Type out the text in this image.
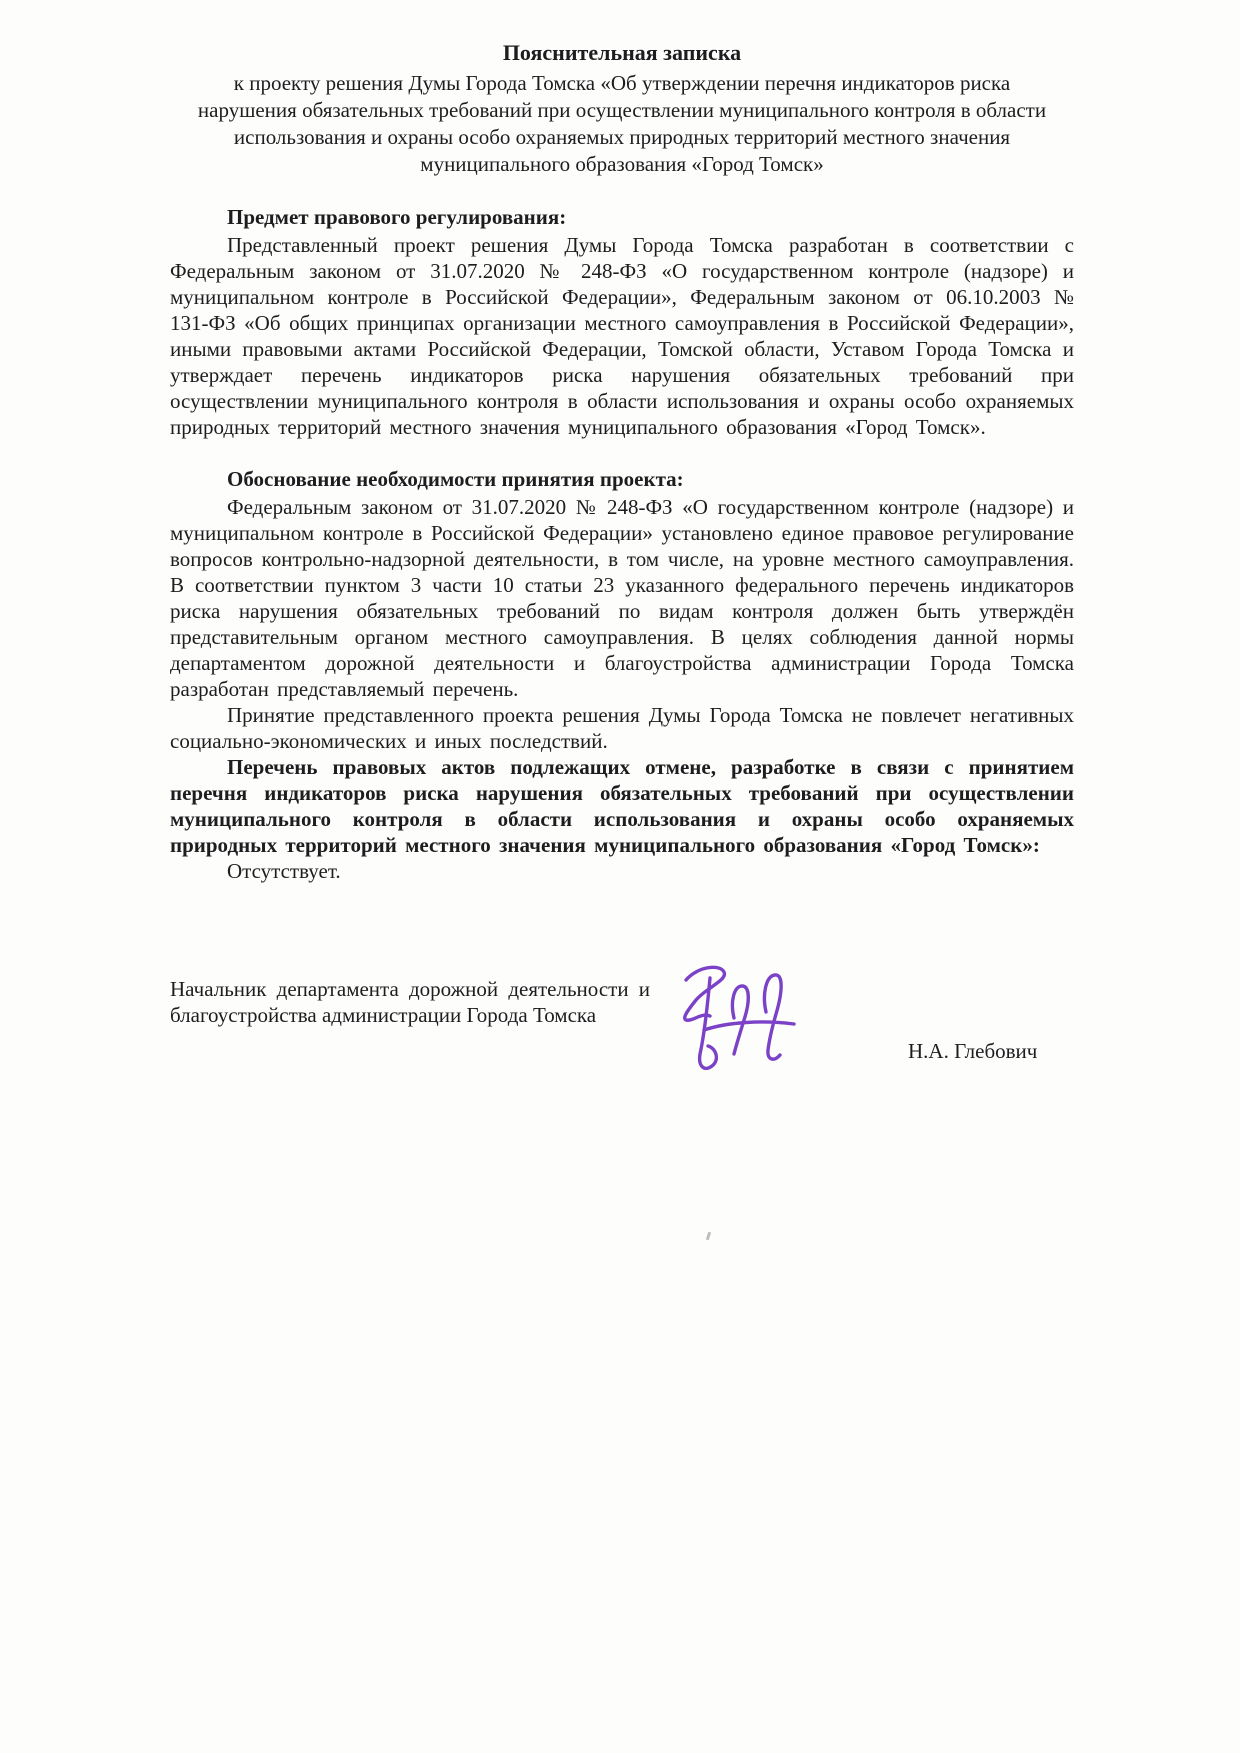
Пояснительная записка

к проекту решения Думы Города Томска «Об утверждении перечня индикаторов риска нарушения обязательных требований при осуществлении муниципального контроля в области использования и охраны особо охраняемых природных территорий местного значения муниципального образования «Город Томск»

Предмет правового регулирования:

Представленный проект решения Думы Города Томска разработан в соответствии с Федеральным законом от 31.07.2020 № 248-ФЗ «О государственном контроле (надзоре) и муниципальном контроле в Российской Федерации», Федеральным законом от 06.10.2003 № 131-ФЗ «Об общих принципах организации местного самоуправления в Российской Федерации», иными правовыми актами Российской Федерации, Томской области, Уставом Города Томска и утверждает перечень индикаторов риска нарушения обязательных требований при осуществлении муниципального контроля в области использования и охраны особо охраняемых природных территорий местного значения муниципального образования «Город Томск».

Обоснование необходимости принятия проекта:

Федеральным законом от 31.07.2020 № 248-ФЗ «О государственном контроле (надзоре) и муниципальном контроле в Российской Федерации» установлено единое правовое регулирование вопросов контрольно-надзорной деятельности, в том числе, на уровне местного самоуправления. В соответствии пунктом 3 части 10 статьи 23 указанного федерального перечень индикаторов риска нарушения обязательных требований по видам контроля должен быть утверждён представительным органом местного самоуправления. В целях соблюдения данной нормы департаментом дорожной деятельности и благоустройства администрации Города Томска разработан представляемый перечень.

Принятие представленного проекта решения Думы Города Томска не повлечет негативных социально-экономических и иных последствий.

Перечень правовых актов подлежащих отмене, разработке в связи с принятием перечня индикаторов риска нарушения обязательных требований при осуществлении муниципального контроля в области использования и охраны особо охраняемых природных территорий местного значения муниципального образования «Город Томск»:

Отсутствует.

Начальник департамента дорожной деятельности и благоустройства администрации Города Томска
Н.А. Глебович
